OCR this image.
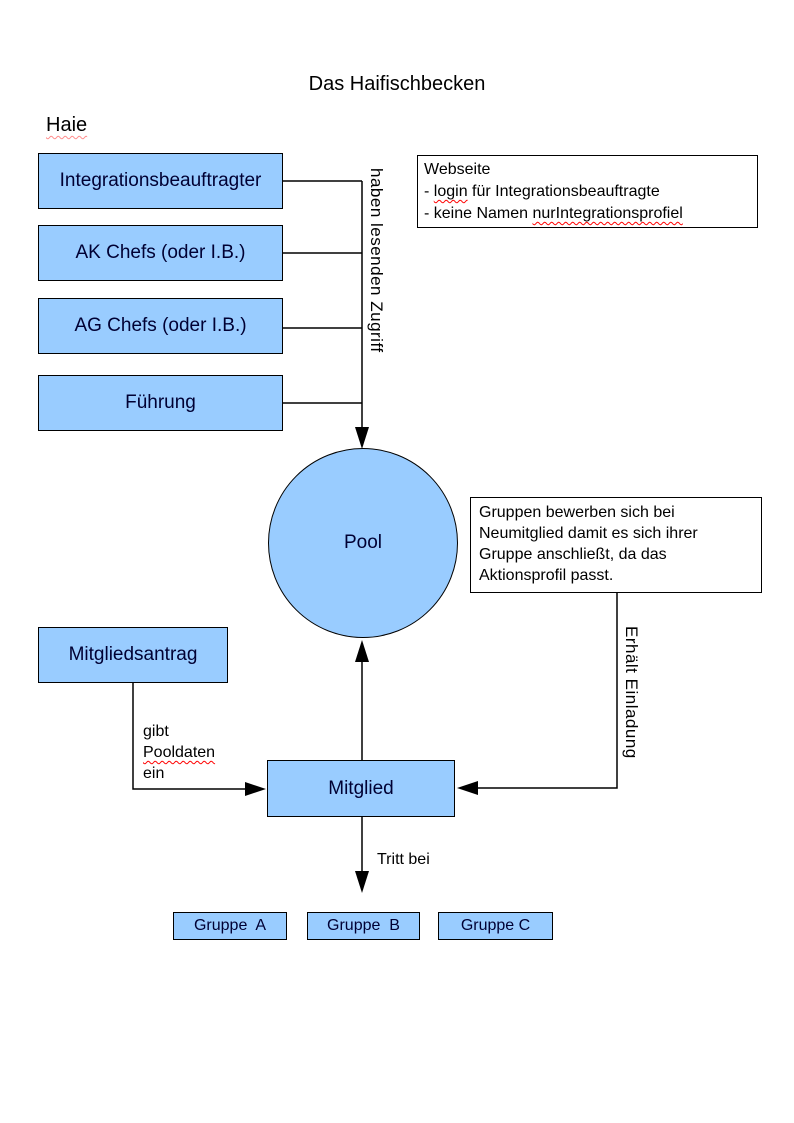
Das Haifischbecken
Haie
Integrationsbeauftragter
AK Chefs (oder I.B.)
AG Chefs (oder I.B.)
Führung
haben lesenden Zugriff Webseite
- login für Integrationsbeauftragte
- keine Namen nurIntegrationsprofiel
Pool
Gruppen bewerben sich bei Neumitglied damit es sich ihrer Gruppe anschließt, da das Aktionsprofil passt.
Erhält Einladung
Mitgliedsantrag
gibt
Pooldaten
ein
Mitglied
Tritt bei
Gruppe  A	Gruppe  B	Gruppe C
